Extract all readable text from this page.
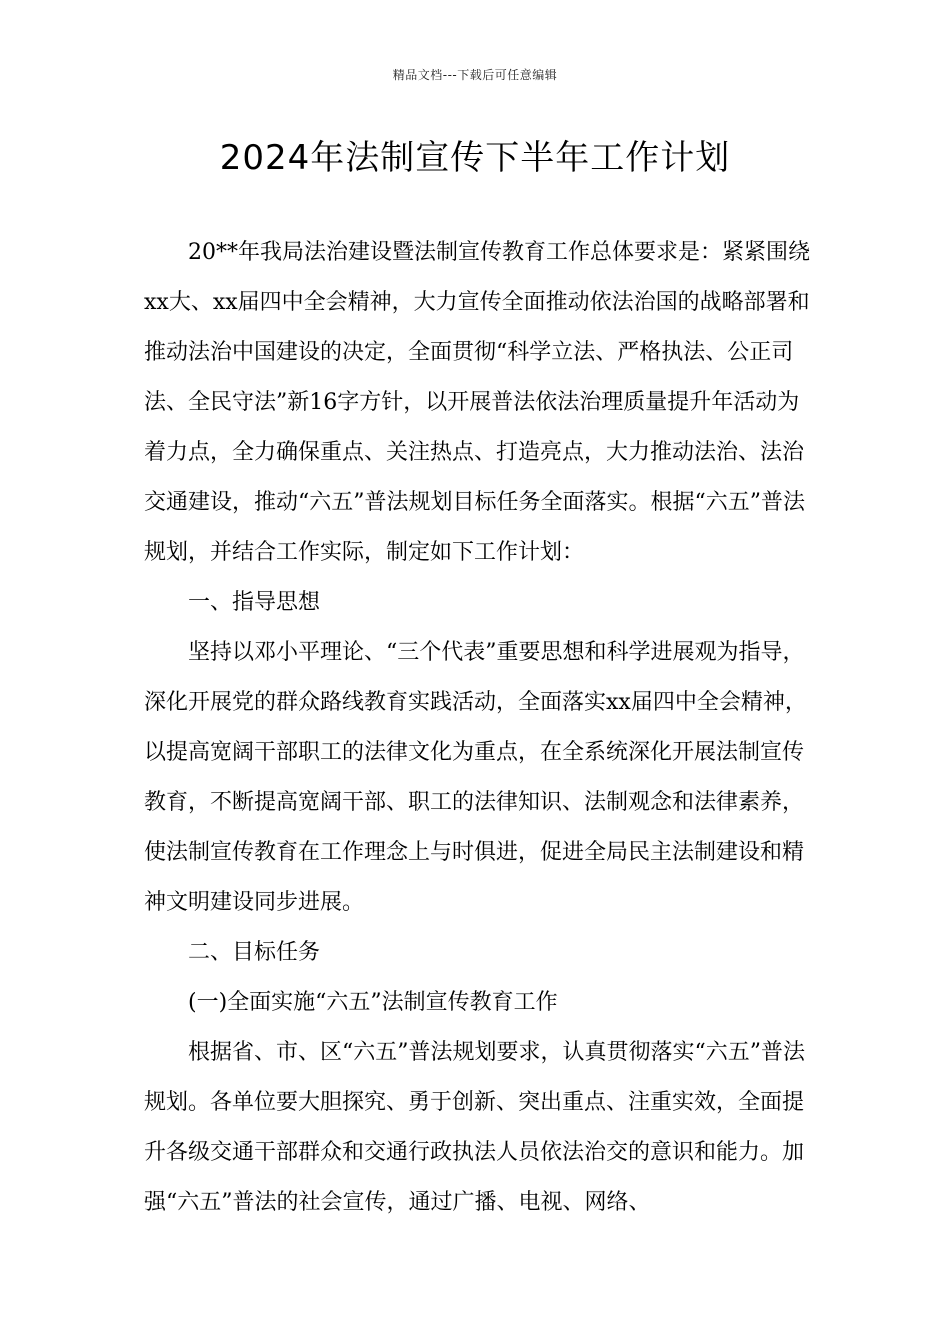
精品文档---下载后可任意编辑
2024年法制宣传下半年工作计划

20**年我局法治建设暨法制宣传教育工作总体要求是：紧紧围绕xx大、xx届四中全会精神，大力宣传全面推动依法治国的战略部署和推动法治中国建设的决定，全面贯彻“科学立法、严格执法、公正司法、全民守法”新16字方针，以开展普法依法治理质量提升年活动为着力点，全力确保重点、关注热点、打造亮点，大力推动法治、法治交通建设，推动“六五”普法规划目标任务全面落实。根据“六五”普法规划，并结合工作实际，制定如下工作计划：

一、指导思想

坚持以邓小平理论、“三个代表”重要思想和科学进展观为指导，深化开展党的群众路线教育实践活动，全面落实xx届四中全会精神，以提高宽阔干部职工的法律文化为重点，在全系统深化开展法制宣传教育，不断提高宽阔干部、职工的法律知识、法制观念和法律素养，使法制宣传教育在工作理念上与时俱进，促进全局民主法制建设和精神文明建设同步进展。

二、目标任务

(一)全面实施“六五”法制宣传教育工作

根据省、市、区“六五”普法规划要求，认真贯彻落实“六五”普法规划。各单位要大胆探究、勇于创新、突出重点、注重实效，全面提升各级交通干部群众和交通行政执法人员依法治交的意识和能力。加强“六五”普法的社会宣传，通过广播、电视、网络、
